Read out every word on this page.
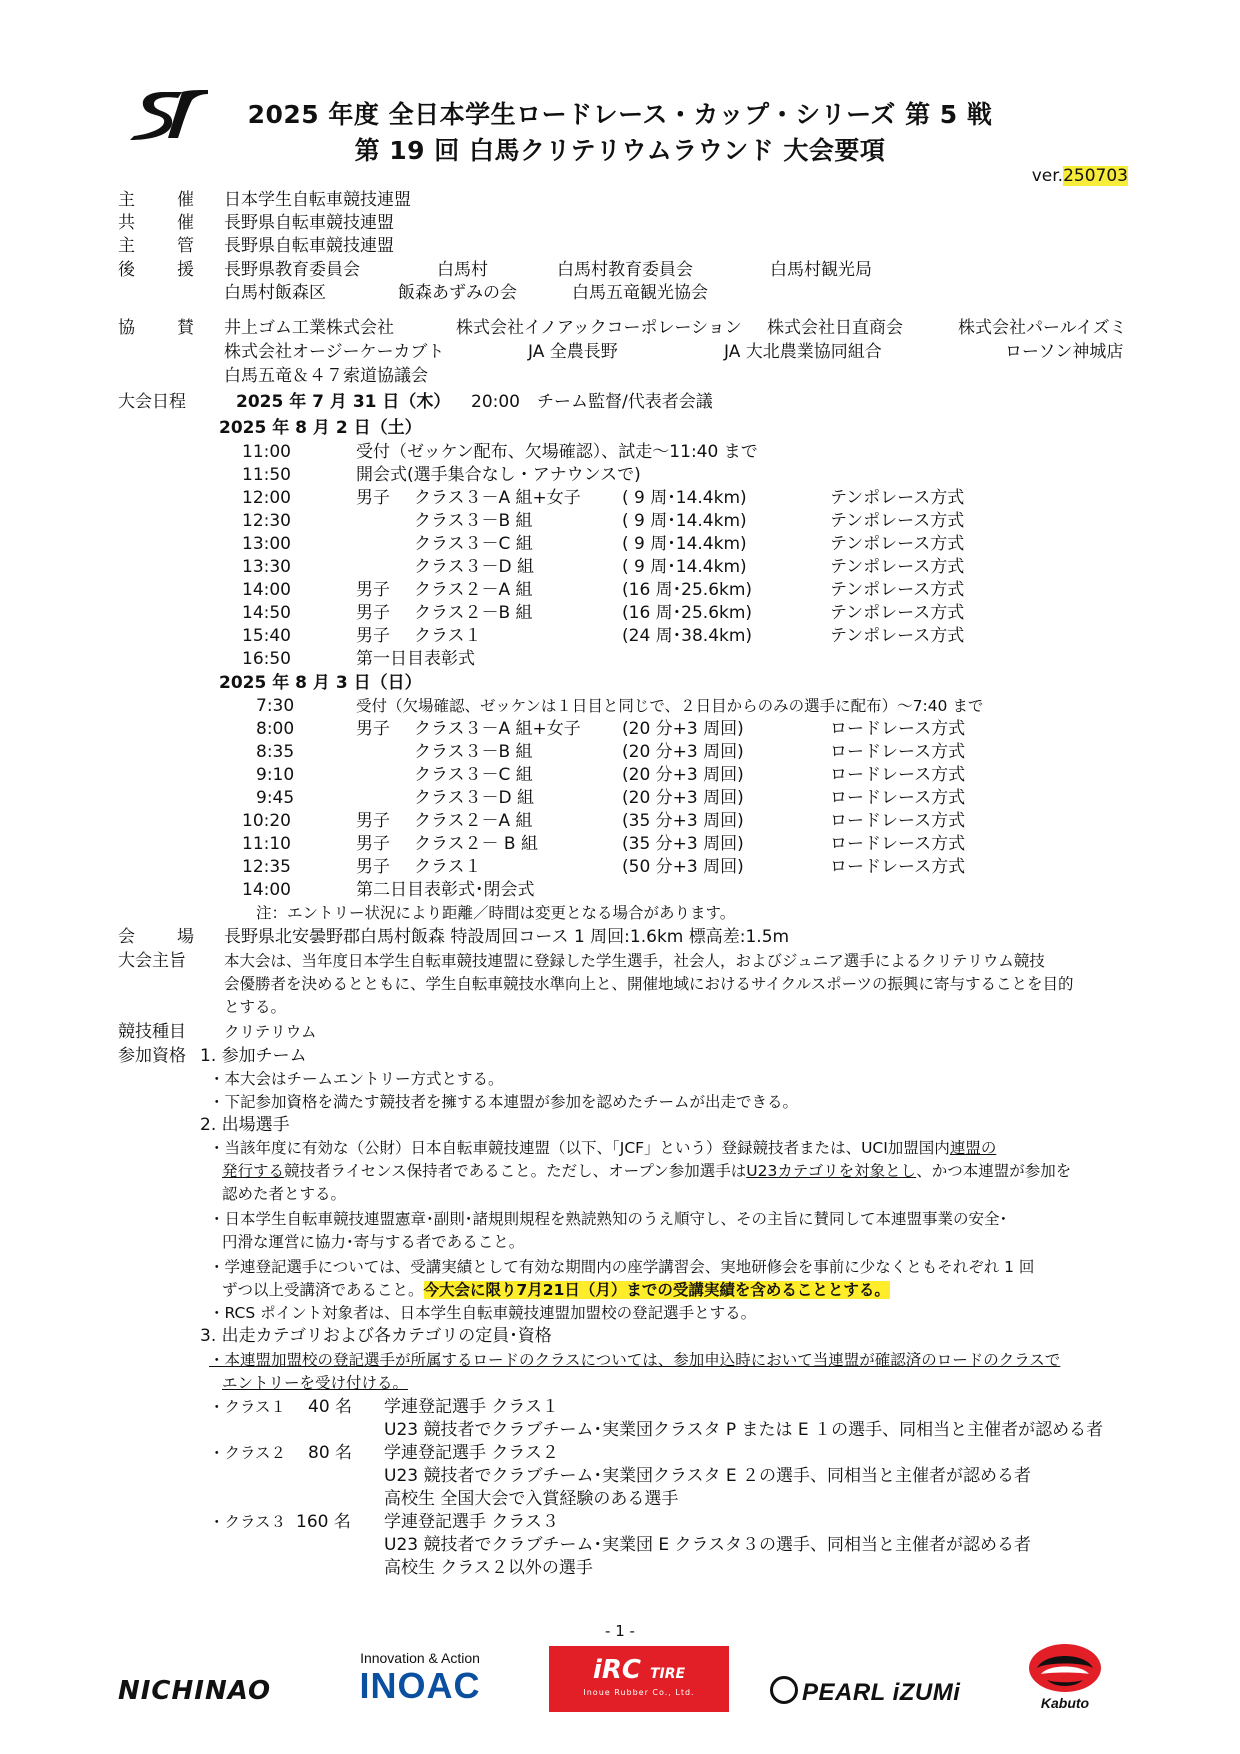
2025 年度 全日本学生ロードレース・カップ・シリーズ 第 5 戦
第 19 回 白馬クリテリウムラウンド 大会要項
ver.250703
主 催 日本学生自転車競技連盟
共 催 長野県自転車競技連盟
主 管 長野県自転車競技連盟
後 援 長野県教育委員会	白馬村	白馬村教育委員会	白馬村観光局
白馬村飯森区	飯森あずみの会	白馬五竜観光協会
協 賛 井上ゴム工業株式会社	株式会社イノアックコーポレーション 株式会社日直商会	株式会社パールイズミ
株式会社オージーケーカブト	JA 全農長野	JA 大北農業協同組合	ローソン神城店
白馬五竜＆４７索道協議会
大会日程	2025 年 7 月 31 日（木） 20:00 チーム監督/代表者会議
2025 年 8 月 2 日（土）
11:00	受付（ゼッケン配布、欠場確認）、試走～11:40 まで
11:50	開会式(選手集合なし・アナウンスで)
12:00	男子 クラス３－A 組+女子 ( 9 周･14.4km)	テンポレース方式
12:30	クラス３－B 組	( 9 周･14.4km)	テンポレース方式
13:00	クラス３－C 組	( 9 周･14.4km)	テンポレース方式
13:30	クラス３－D 組	( 9 周･14.4km)	テンポレース方式
14:00	男子 クラス２－A 組	(16 周･25.6km)	テンポレース方式
14:50	男子 クラス２－B 組	(16 周･25.6km)	テンポレース方式
15:40	男子 クラス１	(24 周･38.4km)	テンポレース方式
16:50	第一日目表彰式
2025 年 8 月 3 日（日）
7:30	受付（欠場確認、ゼッケンは１日目と同じで、２日目からのみの選手に配布）～7:40 まで
8:00	男子 クラス３－A 組+女子 (20 分+3 周回)	ロードレース方式
8:35	クラス３－B 組	(20 分+3 周回)	ロードレース方式
9:10	クラス３－C 組	(20 分+3 周回)	ロードレース方式
9:45	クラス３－D 組	(20 分+3 周回)	ロードレース方式
10:20	男子 クラス２－A 組	(35 分+3 周回)	ロードレース方式
11:10	男子 クラス２－ B 組	(35 分+3 周回)	ロードレース方式
12:35	男子 クラス１	(50 分+3 周回)	ロードレース方式
14:00	第二日目表彰式･閉会式
注：エントリー状況により距離／時間は変更となる場合があります。
会 場 長野県北安曇野郡白馬村飯森 特設周回コース 1 周回:1.6km 標高差:1.5m
大会主旨 本大会は、当年度日本学生自転車競技連盟に登録した学生選手，社会人，およびジュニア選手によるクリテリウム競技
会優勝者を決めるとともに、学生自転車競技水準向上と、開催地域におけるサイクルスポーツの振興に寄与することを目的
とする。
競技種目 クリテリウム
参加資格 1. 参加チーム
・本大会はチームエントリー方式とする。
・下記参加資格を満たす競技者を擁する本連盟が参加を認めたチームが出走できる。
2. 出場選手
・当該年度に有効な（公財）日本自転車競技連盟（以下、「JCF」という）登録競技者または、UCI加盟国内連盟の
発行する競技者ライセンス保持者であること。ただし、オープン参加選手はU23カテゴリを対象とし、かつ本連盟が参加を
認めた者とする。
・日本学生自転車競技連盟憲章･副則･諸規則規程を熟読熟知のうえ順守し、その主旨に賛同して本連盟事業の安全･
円滑な運営に協力･寄与する者であること。
・学連登記選手については、受講実績として有効な期間内の座学講習会、実地研修会を事前に少なくともそれぞれ 1 回
ずつ以上受講済であること。今大会に限り7月21日（月）までの受講実績を含めることとする。
・RCS ポイント対象者は、日本学生自転車競技連盟加盟校の登記選手とする。
3. 出走カテゴリおよび各カテゴリの定員･資格
・本連盟加盟校の登記選手が所属するロードのクラスについては、参加申込時において当連盟が確認済のロードのクラスで
エントリーを受け付ける。
・クラス１ 40 名 学連登記選手 クラス１
U23 競技者でクラブチーム･実業団クラスタ P または E １の選手、同相当と主催者が認める者
・クラス２ 80 名 学連登記選手 クラス２
U23 競技者でクラブチーム･実業団クラスタ E ２の選手、同相当と主催者が認める者
高校生 全国大会で入賞経験のある選手
・クラス３ 160 名 学連登記選手 クラス３
U23 競技者でクラブチーム･実業団 E クラスタ３の選手、同相当と主催者が認める者
高校生 クラス２以外の選手
- 1 -
NICHINAO
Innovation & Action
INOAC	iRC TIRE
Inoue Rubber Co., Ltd.	PEARL iZUMi	Kabuto
